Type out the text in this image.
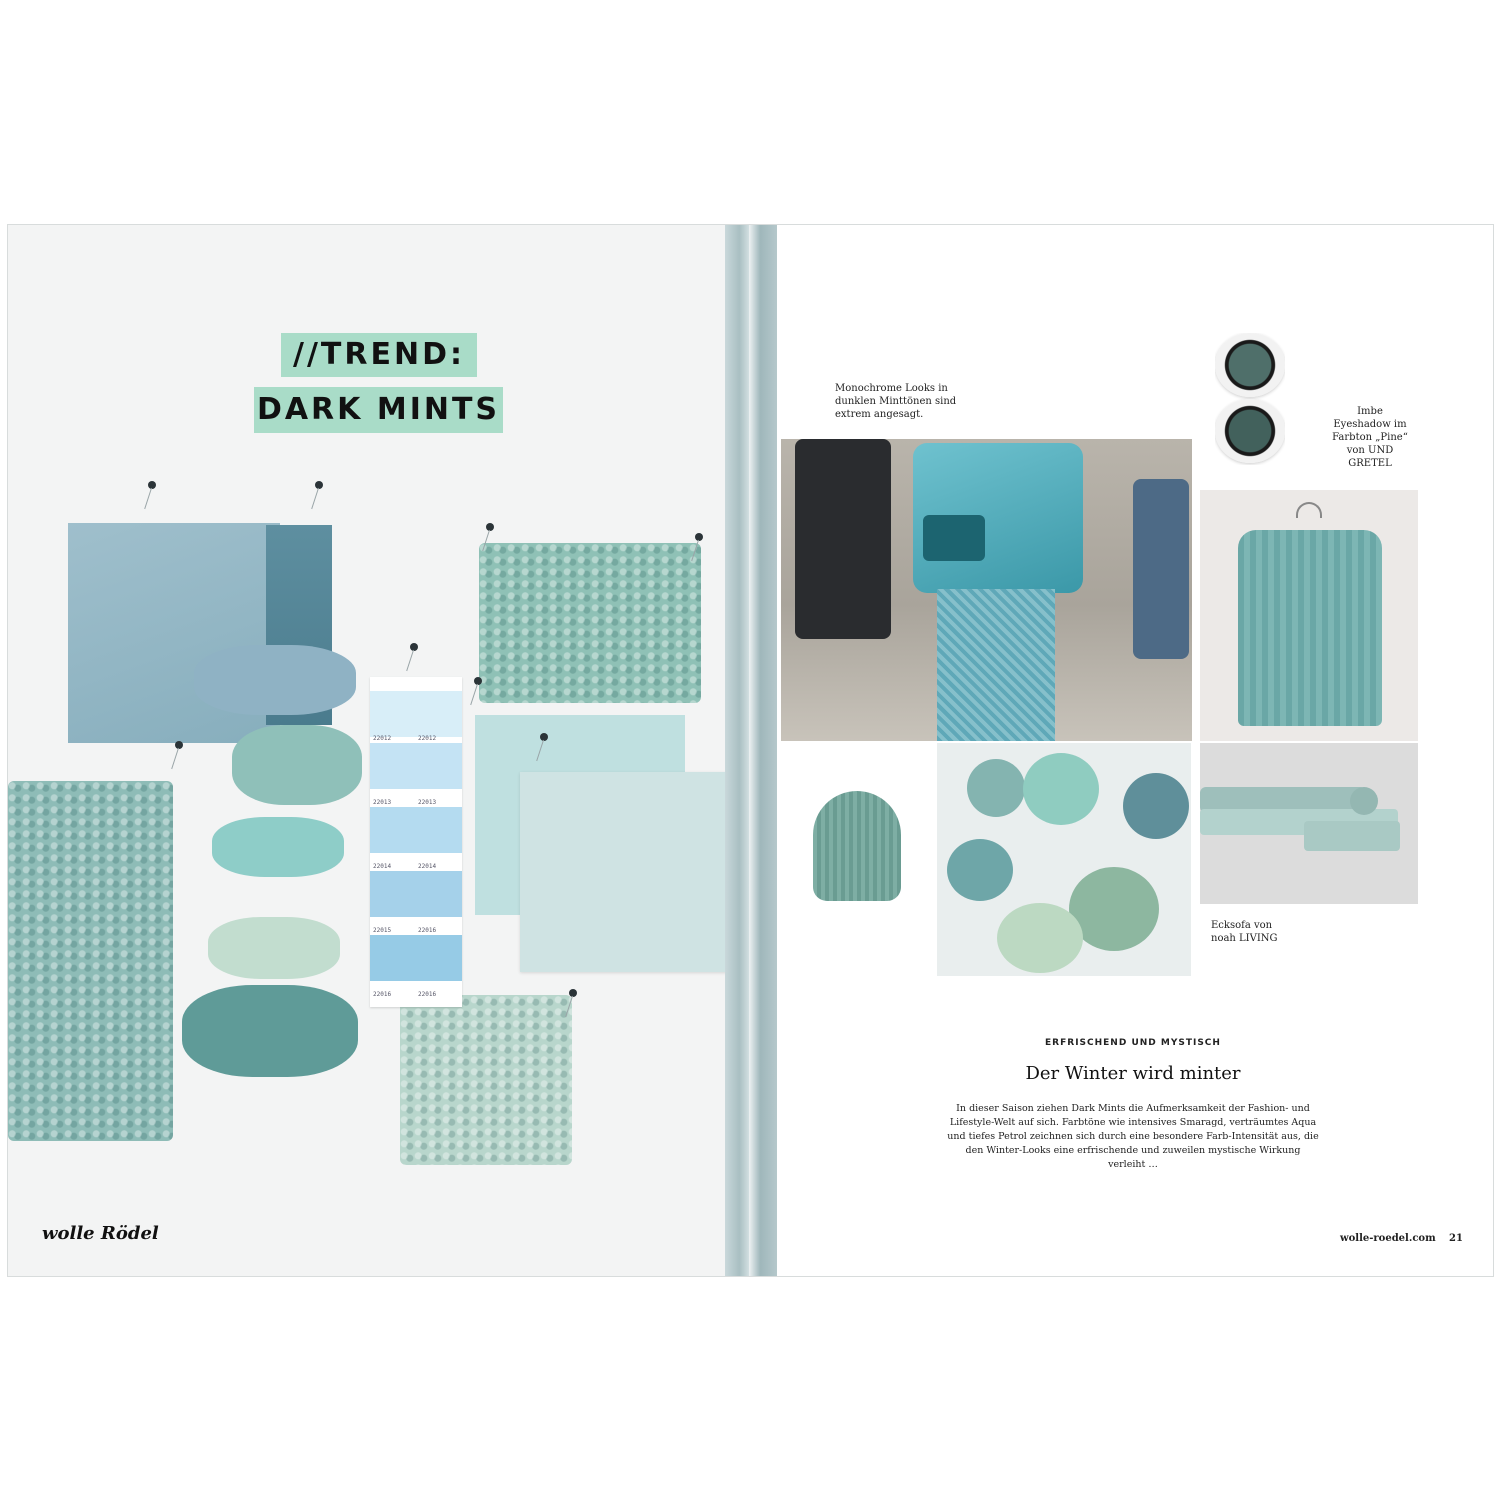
//TREND:
DARK MINTS
22012	22012
22013	22013
22014	22014
22015	22016
22016	22016
wolle Rödel
Monochrome Looks in dunklen Minttönen sind extrem angesagt.	Imbe Eyeshadow im Farbton „Pine“ von UND GRETEL
Ecksofa von noah LIVING
ERFRISCHEND UND MYSTISCH
Der Winter wird minter
In dieser Saison ziehen Dark Mints die Aufmerksamkeit der Fashion- und Lifestyle-Welt auf sich. Farbtöne wie intensives Smaragd, verträumtes Aqua und tiefes Petrol zeichnen sich durch eine besondere Farb-Intensität aus, die den Winter-Looks eine erfrischende und zuweilen mystische Wirkung verleiht …
wolle-roedel.com 21
